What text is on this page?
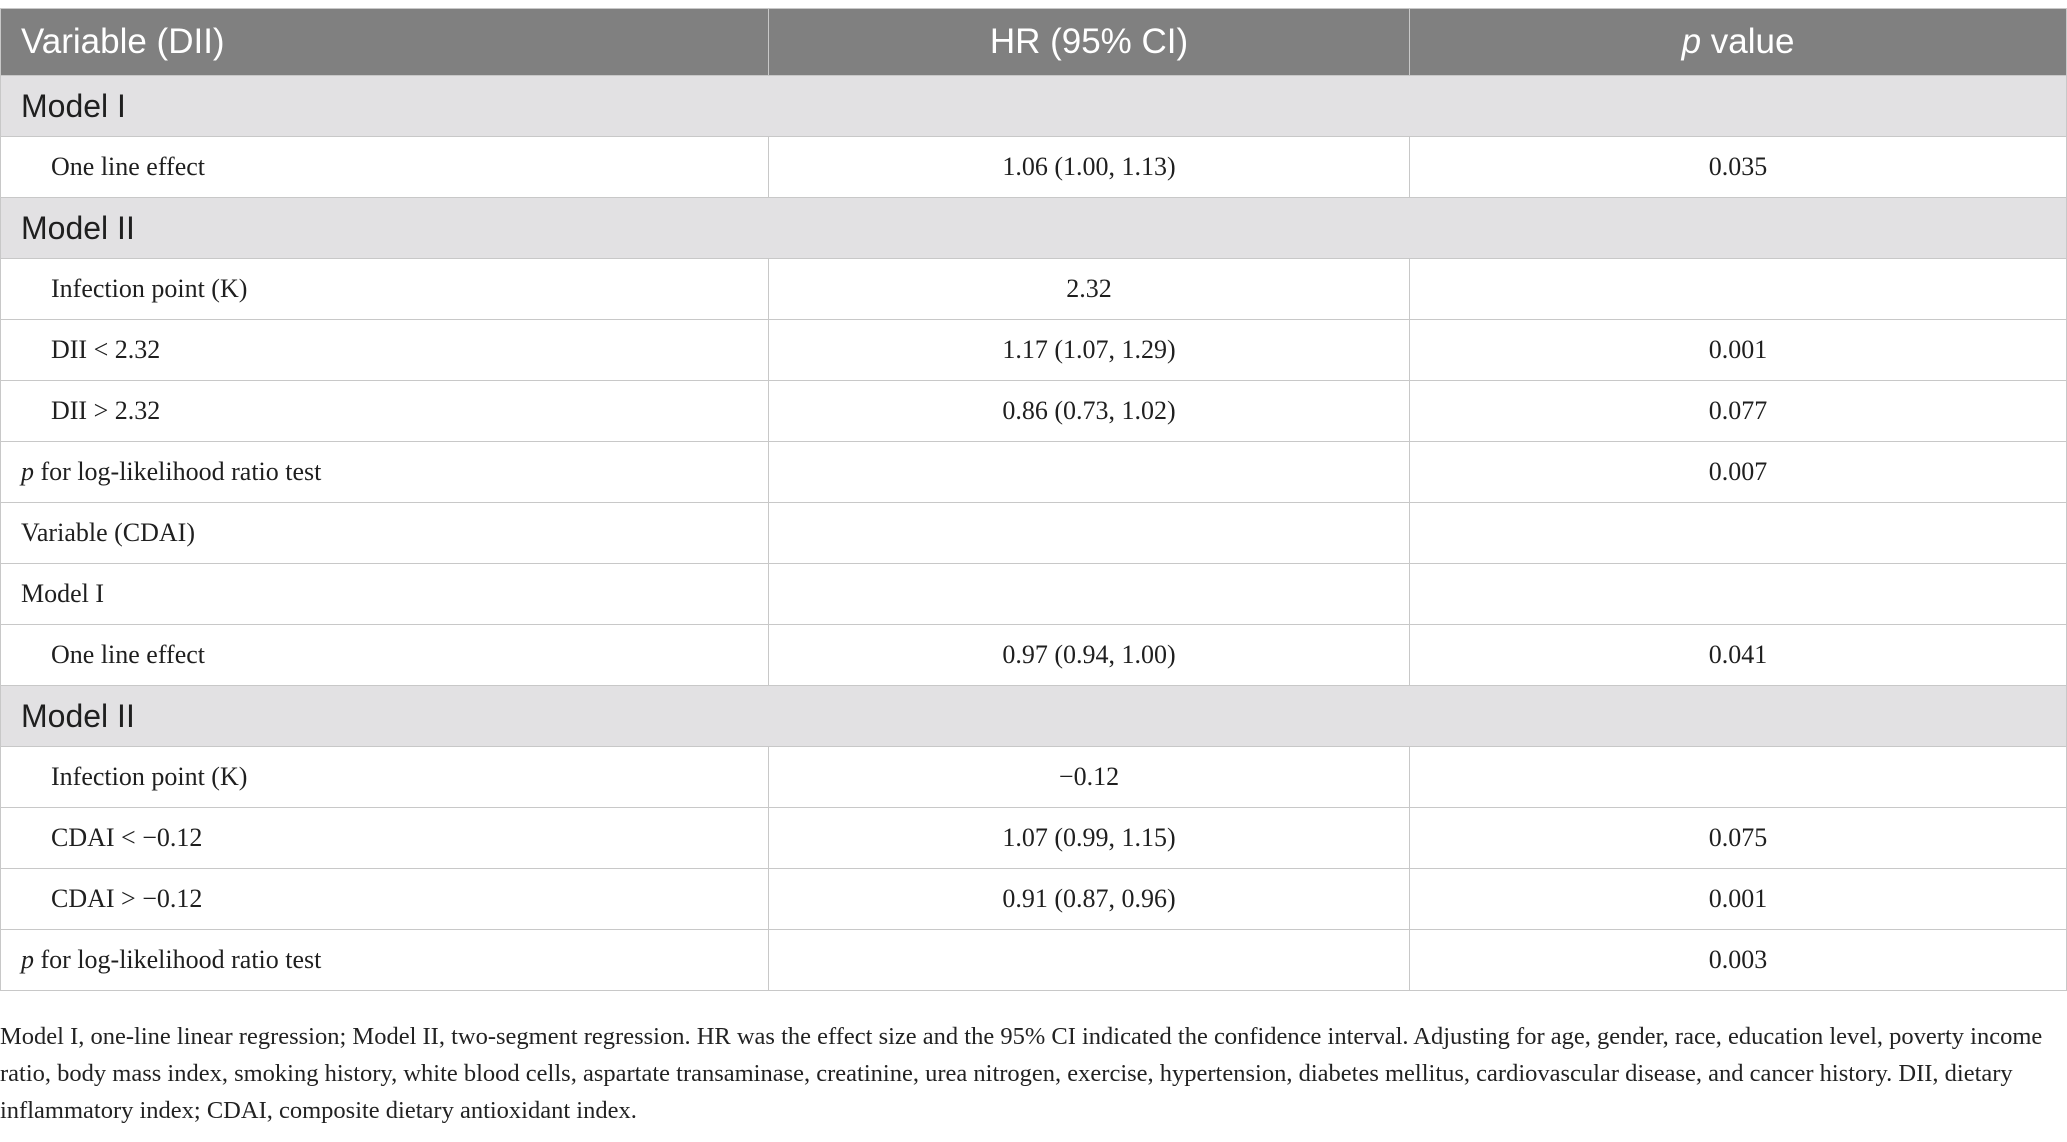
Variable (DII)	HR (95% CI)	p value
Model I		
One line effect	1.06 (1.00, 1.13)	0.035
Model II		
Infection point (K)	2.32	
DII < 2.32	1.17 (1.07, 1.29)	0.001
DII > 2.32	0.86 (0.73, 1.02)	0.077
p for log-likelihood ratio test		0.007
Variable (CDAI)		
Model I		
One line effect	0.97 (0.94, 1.00)	0.041
Model II		
Infection point (K)	−0.12	
CDAI < −0.12	1.07 (0.99, 1.15)	0.075
CDAI > −0.12	0.91 (0.87, 0.96)	0.001
p for log-likelihood ratio test		0.003
Model I, one-line linear regression; Model II, two-segment regression. HR was the effect size and the 95% CI indicated the confidence interval. Adjusting for age, gender, race, education level, poverty income ratio, body mass index, smoking history, white blood cells, aspartate transaminase, creatinine, urea nitrogen, exercise, hypertension, diabetes mellitus, cardiovascular disease, and cancer history. DII, dietary inflammatory index; CDAI, composite dietary antioxidant index.
